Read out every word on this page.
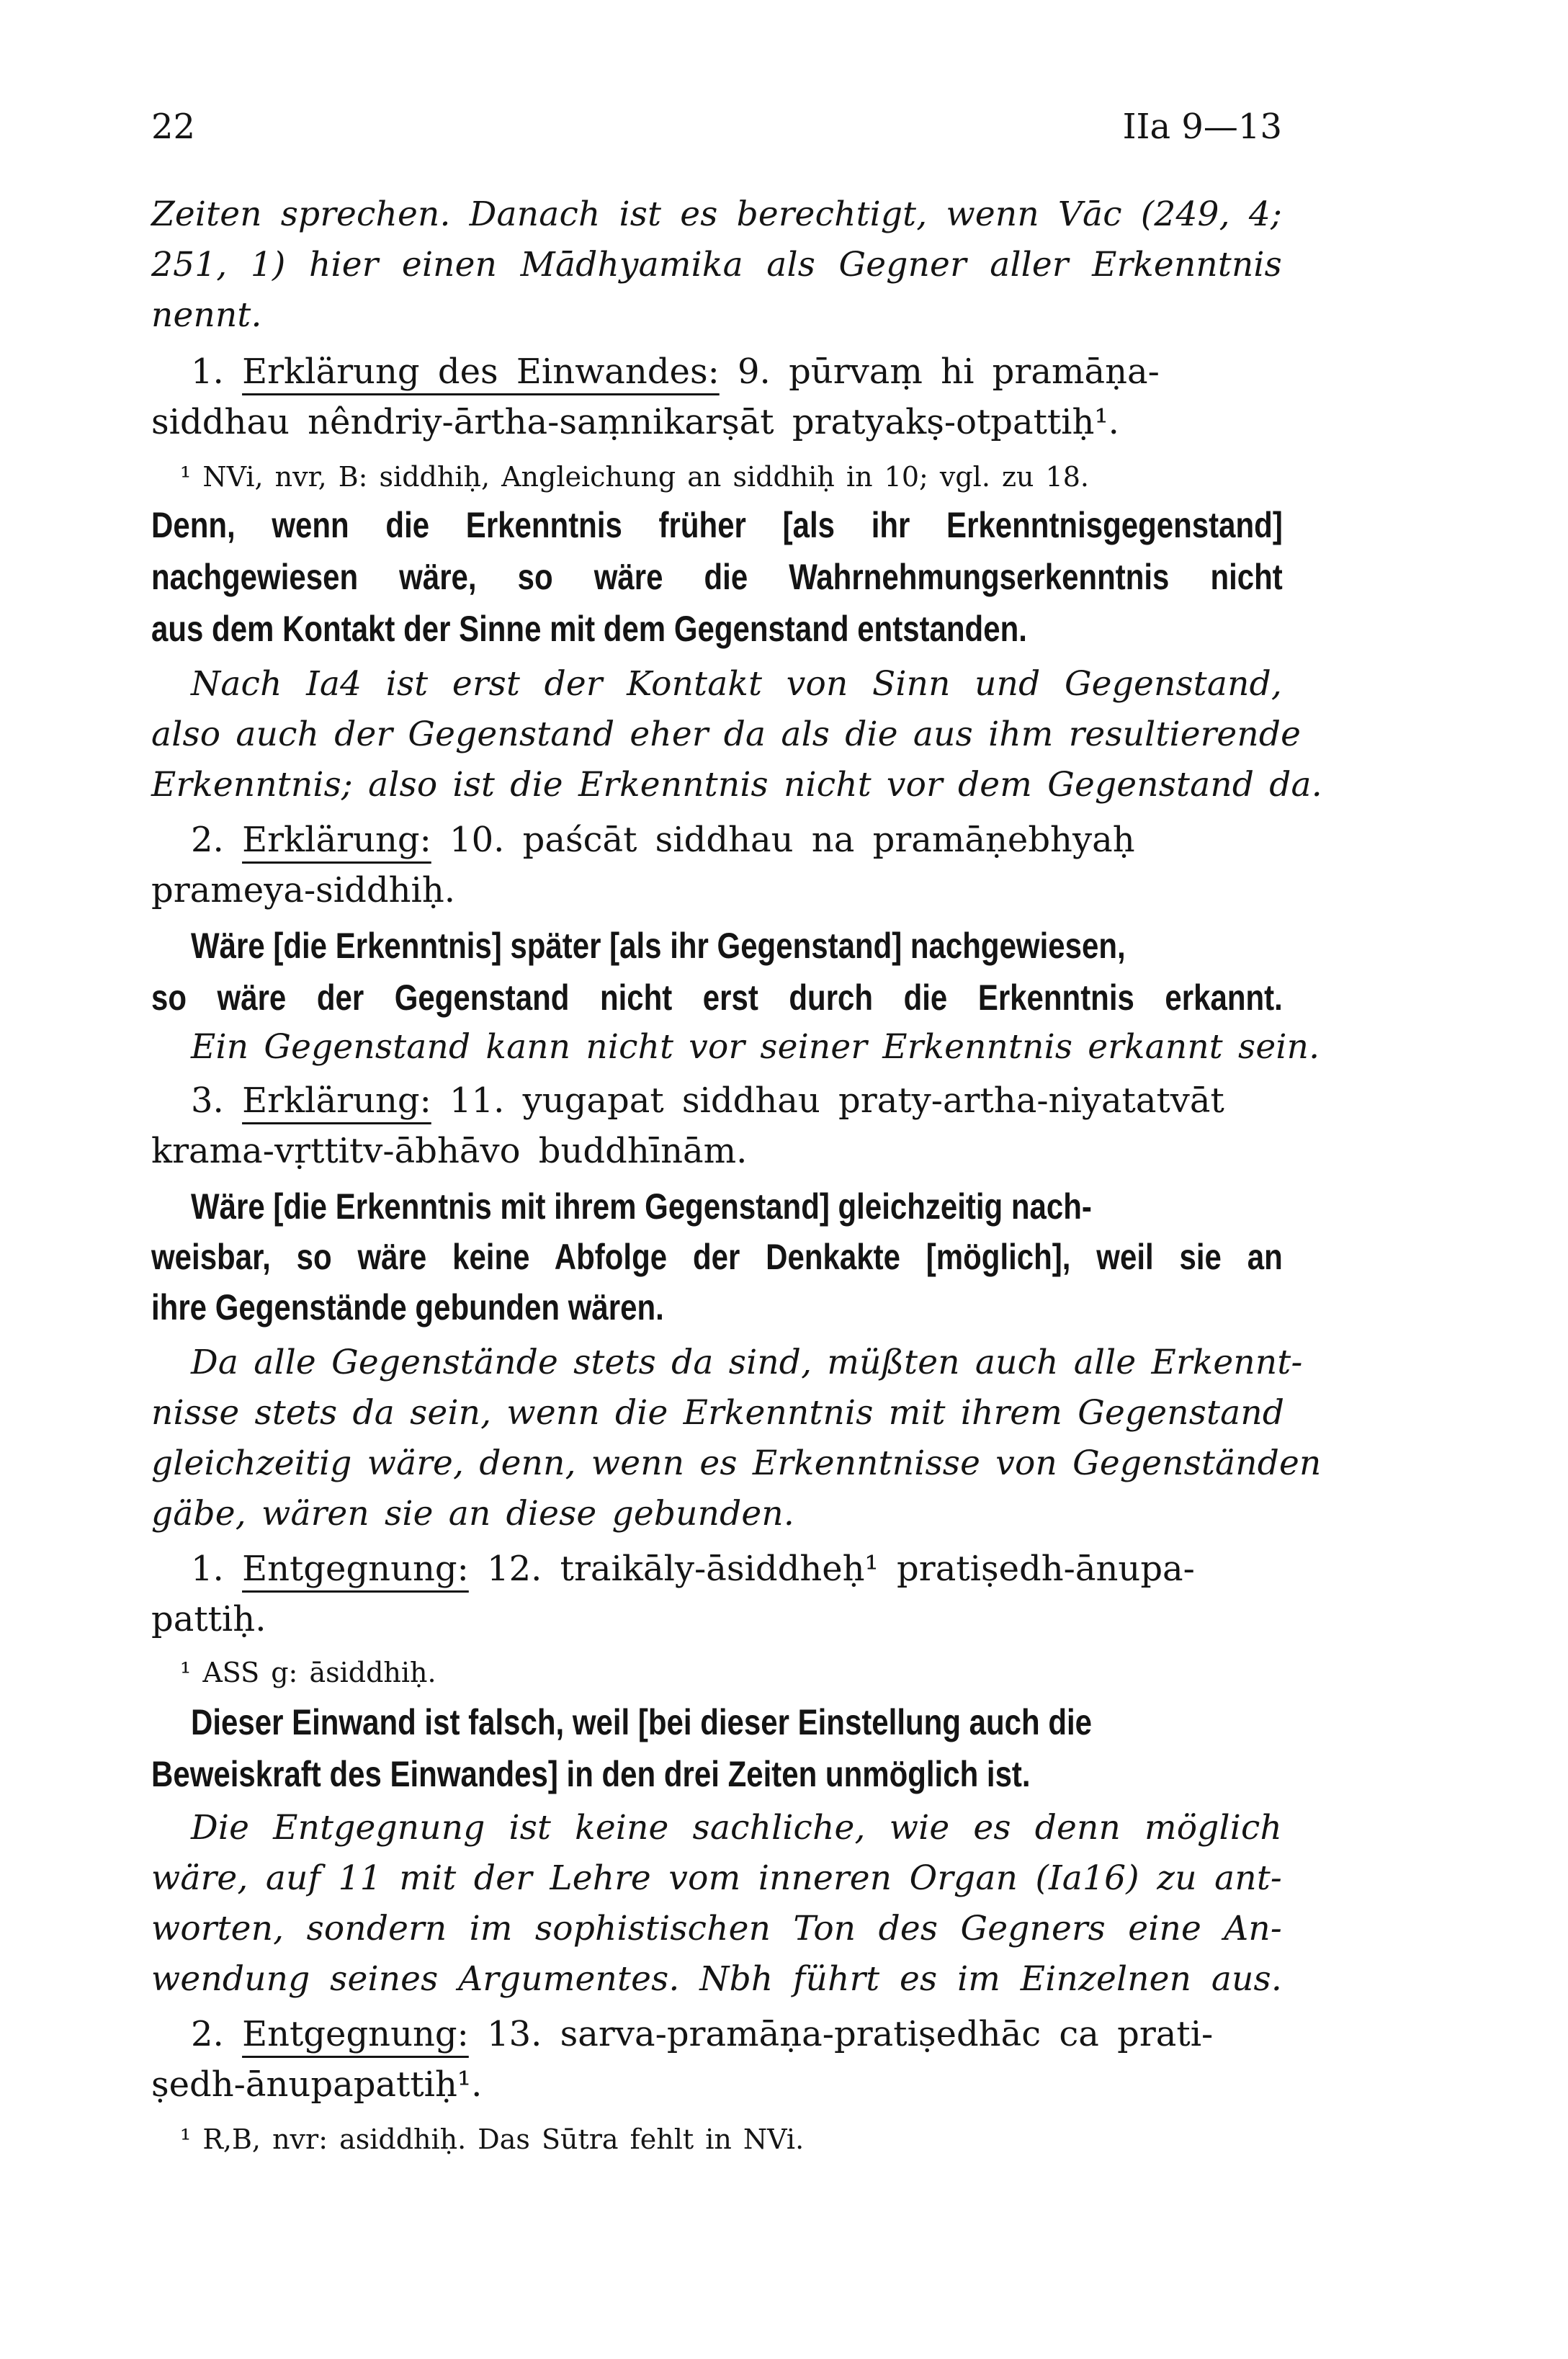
22	IIa 9—13

Zeiten sprechen. Danach ist es berechtigt, wenn Vāc (249, 4;

251, 1) hier einen Mādhyamika als Gegner aller Erkenntnis

nennt.

1. Erklärung des Einwandes: 9. pūrvaṃ hi pramāṇa-

siddhau nêndriy-ārtha-saṃnikarṣāt pratyakṣ-otpattiḥ¹.

¹ NVi, nvr, B: siddhiḥ, Angleichung an siddhiḥ in 10; vgl. zu 18.

Denn, wenn die Erkenntnis früher [als ihr Erkenntnisgegenstand]

nachgewiesen wäre, so wäre die Wahrnehmungserkenntnis nicht

aus dem Kontakt der Sinne mit dem Gegenstand entstanden.

Nach Ia4 ist erst der Kontakt von Sinn und Gegenstand,

also auch der Gegenstand eher da als die aus ihm resultierende

Erkenntnis; also ist die Erkenntnis nicht vor dem Gegenstand da.

2. Erklärung: 10. paścāt siddhau na pramāṇebhyaḥ

prameya-siddhiḥ.

Wäre [die Erkenntnis] später [als ihr Gegenstand] nachgewiesen,

so wäre der Gegenstand nicht erst durch die Erkenntnis erkannt.

Ein Gegenstand kann nicht vor seiner Erkenntnis erkannt sein.

3. Erklärung: 11. yugapat siddhau praty-artha-niyatatvāt

krama-vṛttitv-ābhāvo buddhīnām.

Wäre [die Erkenntnis mit ihrem Gegenstand] gleichzeitig nach-

weisbar, so wäre keine Abfolge der Denkakte [möglich], weil sie an

ihre Gegenstände gebunden wären.

Da alle Gegenstände stets da sind, müßten auch alle Erkennt-

nisse stets da sein, wenn die Erkenntnis mit ihrem Gegenstand

gleichzeitig wäre, denn, wenn es Erkenntnisse von Gegenständen

gäbe, wären sie an diese gebunden.

1. Entgegnung: 12. traikāly-āsiddheḥ¹ pratiṣedh-ānupa-

pattiḥ.

¹ ASS g: āsiddhiḥ.

Dieser Einwand ist falsch, weil [bei dieser Einstellung auch die

Beweiskraft des Einwandes] in den drei Zeiten unmöglich ist.

Die Entgegnung ist keine sachliche, wie es denn möglich

wäre, auf 11 mit der Lehre vom inneren Organ (Ia16) zu ant-

worten, sondern im sophistischen Ton des Gegners eine An-

wendung seines Argumentes. Nbh führt es im Einzelnen aus.

2. Entgegnung: 13. sarva-pramāṇa-pratiṣedhāc ca prati-

ṣedh-ānupapattiḥ¹.

¹ R,B, nvr: asiddhiḥ. Das Sūtra fehlt in NVi.
